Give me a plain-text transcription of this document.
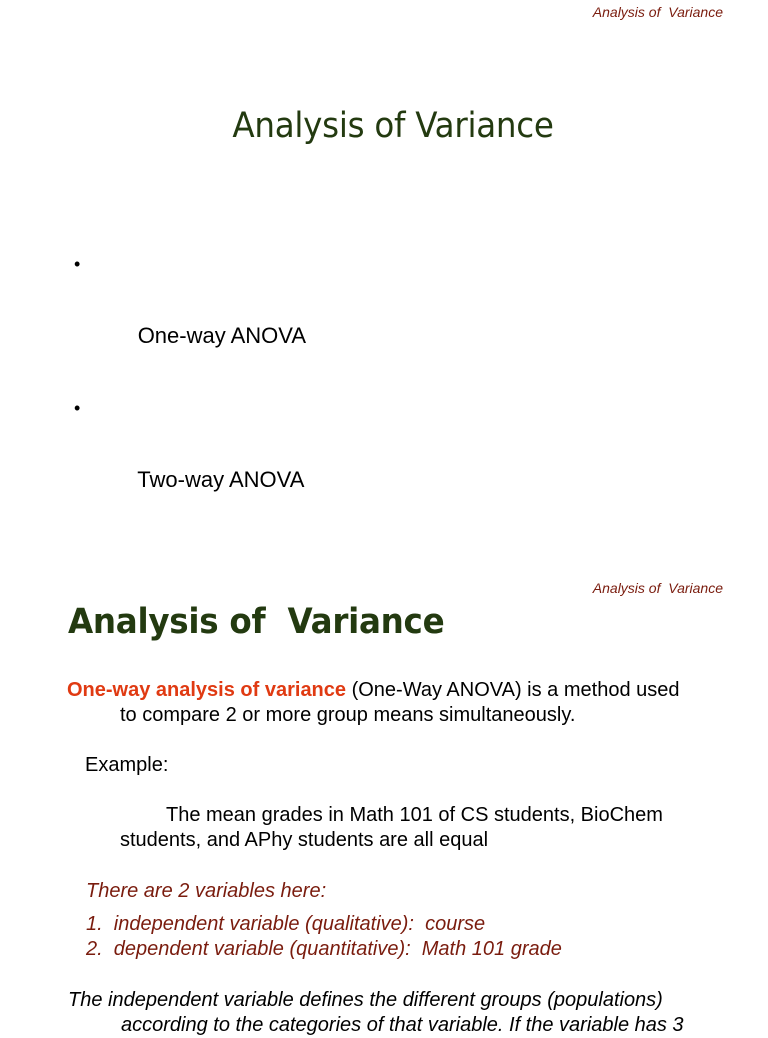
Analysis of  Variance
Analysis of Variance

•

One-way ANOVA

•

Two-way ANOVA

Analysis of  Variance
Analysis of  Variance
One-way analysis of variance (One-Way ANOVA) is a method used
to compare 2 or more group means simultaneously.
Example:
The mean grades in Math 101 of CS students, BioChem
students, and APhy students are all equal
There are 2 variables here:
1.  independent variable (qualitative):  course
2.  dependent variable (quantitative):  Math 101 grade
The independent variable defines the different groups (populations)
according to the categories of that variable. If the variable has 3
